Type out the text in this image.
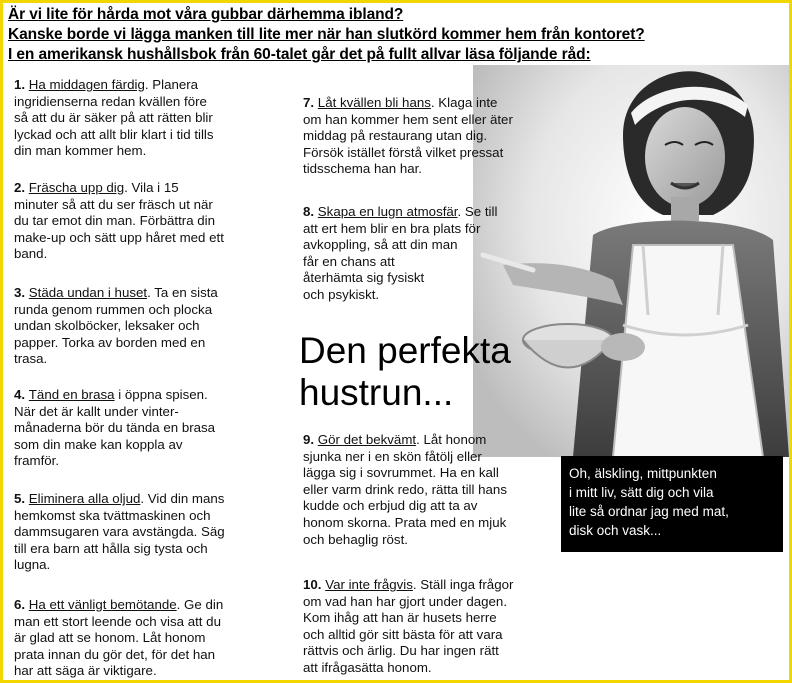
Är vi lite för hårda mot våra gubbar därhemma ibland?
Kanske borde vi lägga manken till lite mer när han slutkörd kommer hem från kontoret?
I en amerikansk hushållsbok från 60-talet går det på fullt allvar läsa följande råd:
1. Ha middagen färdig. Planera
ingridienserna redan kvällen före
så att du är säker på att rätten blir
lyckad och att allt blir klart i tid tills
din man kommer hem.
2. Fräscha upp dig. Vila i 15
minuter så att du ser fräsch ut när
du tar emot din man. Förbättra din
make-up och sätt upp håret med ett
band.
3. Städa undan i huset. Ta en sista
runda genom rummen och plocka
undan skolböcker, leksaker och
papper. Torka av borden med en
trasa.
4. Tänd en brasa i öppna spisen.
När det är kallt under vinter-
månaderna bör du tända en brasa
som din make kan koppla av
framför.
5. Eliminera alla oljud. Vid din mans
hemkomst ska tvättmaskinen och
dammsugaren vara avstängda. Säg
till era barn att hålla sig tysta och
lugna.
6. Ha ett vänligt bemötande. Ge din
man ett stort leende och visa att du
är glad att se honom. Låt honom
prata innan du gör det, för det han
har att säga är viktigare.
7. Låt kvällen bli hans. Klaga inte
om han kommer hem sent eller äter
middag på restaurang utan dig.
Försök istället förstå vilket pressat
tidsschema han har.
8. Skapa en lugn atmosfär. Se till
att ert hem blir en bra plats för
avkoppling, så att din man
får en chans att
återhämta sig fysiskt
och psykiskt.
9. Gör det bekvämt. Låt honom
sjunka ner i en skön fåtölj eller
lägga sig i sovrummet. Ha en kall
eller varm drink redo, rätta till hans
kudde och erbjud dig att ta av
honom skorna. Prata med en mjuk
och behaglig röst.
10. Var inte frågvis. Ställ inga frågor
om vad han har gjort under dagen.
Kom ihåg att han är husets herre
och alltid gör sitt bästa för att vara
rättvis och ärlig. Du har ingen rätt
att ifrågasätta honom.
Den perfekta
hustrun...
Oh, älskling, mittpunkten
i mitt liv, sätt dig och vila
lite så ordnar jag med mat,
disk och vask...
